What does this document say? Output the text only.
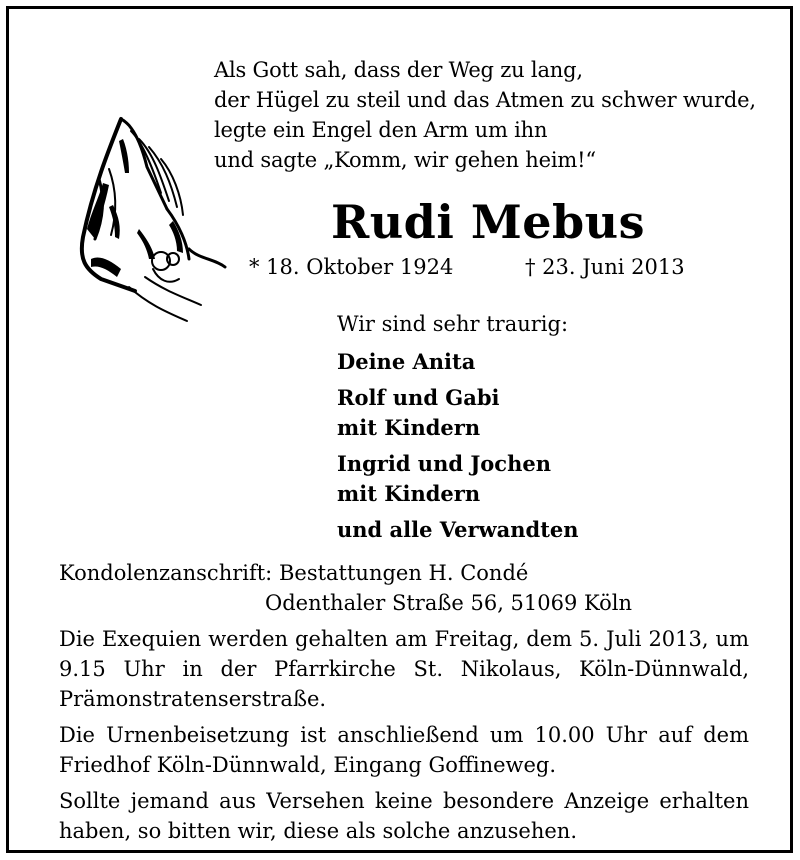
Als Gott sah, dass der Weg zu lang,
der Hügel zu steil und das Atmen zu schwer wurde,
legte ein Engel den Arm um ihn
und sagte „Komm, wir gehen heim!“
Rudi Mebus
* 18. Oktober 1924	† 23. Juni 2013
Wir sind sehr traurig:
Deine Anita
Rolf und Gabi
mit Kindern
Ingrid und Jochen
mit Kindern
und alle Verwandten
Kondolenzanschrift: Bestattungen H. Condé
Odenthaler Straße 56, 51069 Köln
Die Exequien werden gehalten am Freitag, dem 5. Juli 2013, um 9.15 Uhr in der Pfarrkirche St. Nikolaus, Köln-Dünnwald, Prämonstratenserstraße.
Die Urnenbeisetzung ist anschließend um 10.00 Uhr auf dem Friedhof Köln-Dünnwald, Eingang Goffineweg.
Sollte jemand aus Versehen keine besondere Anzeige erhalten haben, so bitten wir, diese als solche anzusehen.
